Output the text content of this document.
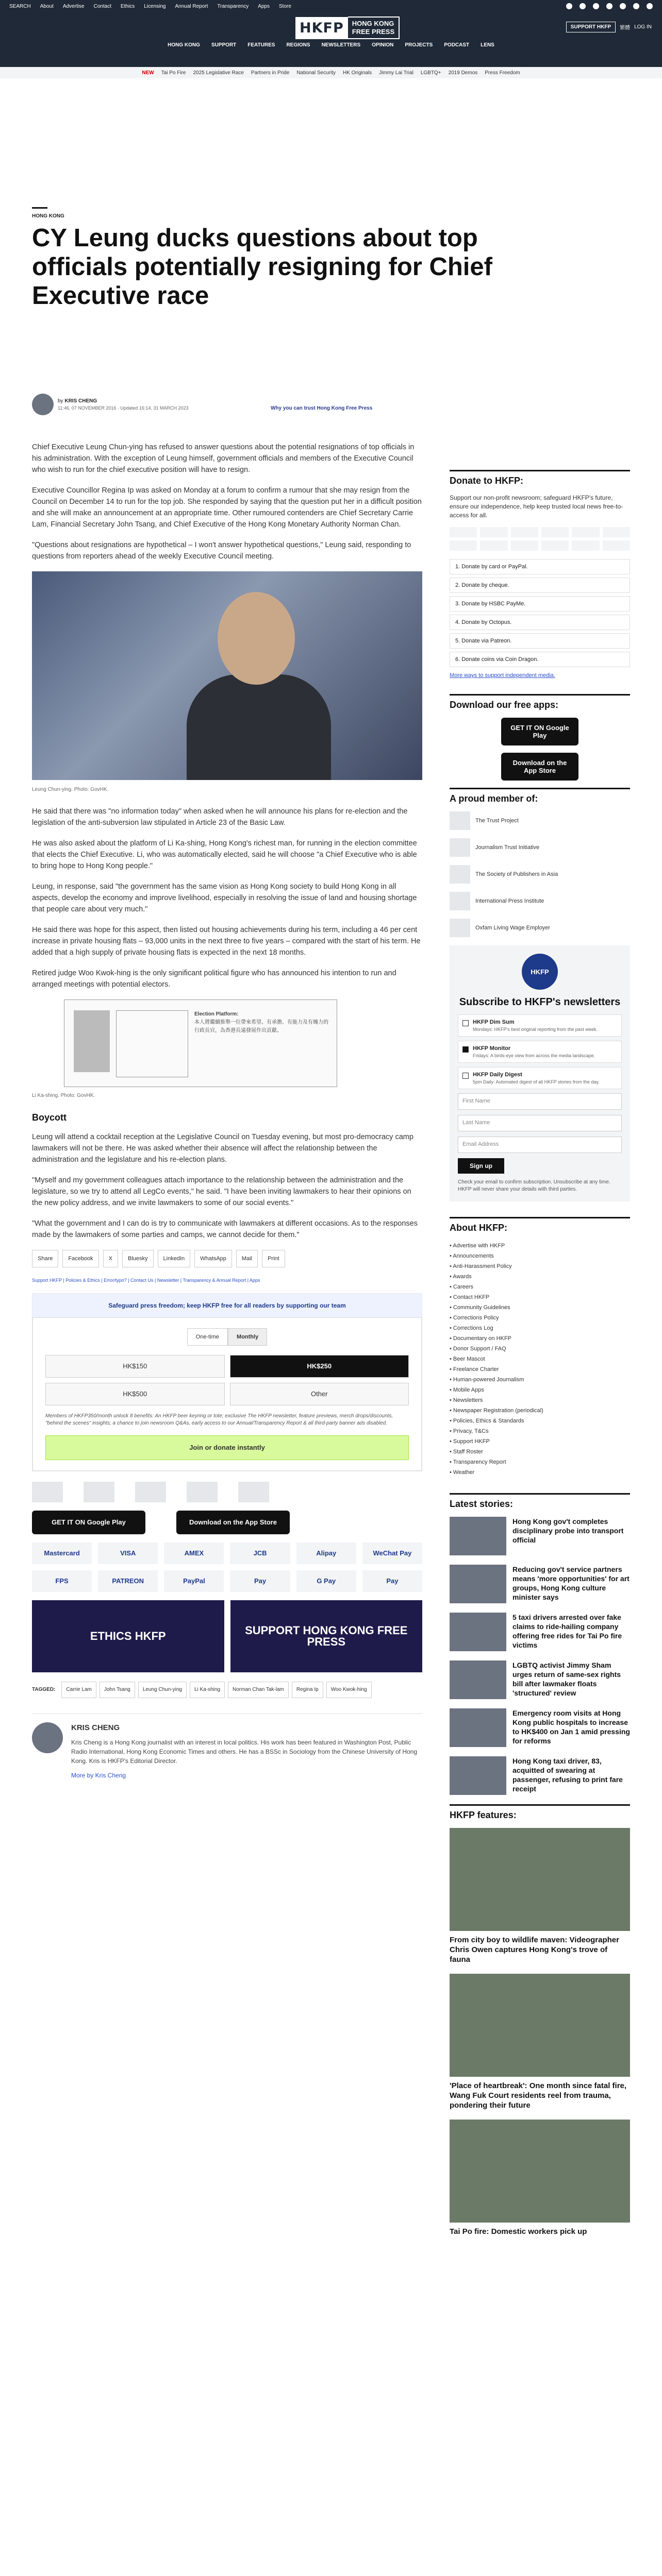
SEARCH About Advertise Contact Ethics Licensing Annual Report Transparency Apps Store
HKFP	HONG KONG
FREE PRESS
SUPPORT HKFP	繁體 LOG IN
HONG KONG SUPPORT FEATURES REGIONS NEWSLETTERS OPINION PROJECTS PODCAST LENS
NEW Tai Po Fire 2025 Legislative Race Partners in Pride National Security HK Originals Jimmy Lai Trial LGBTQ+ 2019 Demos Press Freedom
HONG KONG
CY Leung ducks questions about top officials potentially resigning for Chief Executive race
by KRIS CHENG
11:46, 07 NOVEMBER 2016 · Updated 16:14, 31 MARCH 2023	Why you can trust Hong Kong Free Press

Chief Executive Leung Chun-ying has refused to answer questions about the potential resignations of top officials in his administration. With the exception of Leung himself, government officials and members of the Executive Council who wish to run for the chief executive position will have to resign.

Executive Councillor Regina Ip was asked on Monday at a forum to confirm a rumour that she may resign from the Council on December 14 to run for the top job. She responded by saying that the question put her in a difficult position and she will make an announcement at an appropriate time. Other rumoured contenders are Chief Secretary Carrie Lam, Financial Secretary John Tsang, and Chief Executive of the Hong Kong Monetary Authority Norman Chan.

"Questions about resignations are hypothetical – I won't answer hypothetical questions," Leung said, responding to questions from reporters ahead of the weekly Executive Council meeting.

Leung Chun-ying. Photo: GovHK.

He said that there was "no information today" when asked when he will announce his plans for re-election and the legislation of the anti-subversion law stipulated in Article 23 of the Basic Law.

He was also asked about the platform of Li Ka-shing, Hong Kong's richest man, for running in the election committee that elects the Chief Executive. Li, who was automatically elected, said he will choose "a Chief Executive who is able to bring hope to Hong Kong people."

Leung, in response, said "the government has the same vision as Hong Kong society to build Hong Kong in all aspects, develop the economy and improve livelihood, especially in resolving the issue of land and housing shortage that people care about very much."

He said there was hope for this aspect, then listed out housing achievements during his term, including a 46 per cent increase in private housing flats – 93,000 units in the next three to five years – compared with the start of his term. He added that a high supply of private housing flats is expected in the next 18 months.

Retired judge Woo Kwok-hing is the only significant political figure who has announced his intention to run and arranged meetings with potential electors.

Election Platform:
本人將繼續推舉一位帶來希望、有承擔、有能力及有魄力的行政長官，為香港長遠發展作出貢獻。
Li Ka-shing. Photo: GovHK.
Boycott

Leung will attend a cocktail reception at the Legislative Council on Tuesday evening, but most pro-democracy camp lawmakers will not be there. He was asked whether their absence will affect the relationship between the administration and the legislature and his re-election plans.

"Myself and my government colleagues attach importance to the relationship between the administration and the legislature, so we try to attend all LegCo events," he said. "I have been inviting lawmakers to hear their opinions on the new policy address, and we invite lawmakers to some of our social events."

"What the government and I can do is try to communicate with lawmakers at different occasions. As to the responses made by the lawmakers of some parties and camps, we cannot decide for them."

Share	Facebook	X	Bluesky	LinkedIn	WhatsApp	Mail	Print
Support HKFP | Policies & Ethics | Error/typo? | Contact Us | Newsletter | Transparency & Annual Report | Apps
Safeguard press freedom; keep HKFP free for all readers by supporting our team
One-time	Monthly
HK$150	HK$250
HK$500	Other
Members of HKFP350/month unlock 8 benefits: An HKFP beer keyring or tote; exclusive The HKFP newsletter, feature previews, merch drops/discounts, "behind the scenes" insights; a chance to join newsroom Q&As, early access to our Annual/Transparency Report & all third-party banner ads disabled.
Join or donate instantly
GET IT ON Google Play	Download on the App Store
Mastercard	VISA	AMEX	JCB	Alipay	WeChat Pay
FPS	PATREON	PayPal	Pay	G Pay	Pay
ETHICS HKFP	SUPPORT HONG KONG FREE PRESS
TAGGED:	Carrie Lam	John Tsang	Leung Chun-ying	Li Ka-shing	Norman Chan Tak-lam	Regina Ip	Woo Kwok-hing
KRIS CHENG
Kris Cheng is a Hong Kong journalist with an interest in local politics. His work has been featured in Washington Post, Public Radio International, Hong Kong Economic Times and others. He has a BSSc in Sociology from the Chinese University of Hong Kong. Kris is HKFP's Editorial Director.
More by Kris Cheng
Donate to HKFP:
Support our non-profit newsroom; safeguard HKFP's future, ensure our independence, help keep trusted local news free-to-access for all.
1. Donate by card or PayPal.
2. Donate by cheque.
3. Donate by HSBC PayMe.
4. Donate by Octopus.
5. Donate via Patreon.
6. Donate coins via Coin Dragon.
More ways to support independent media.
Download our free apps:
GET IT ON Google Play
Download on the App Store
A proud member of:
The Trust Project
Journalism Trust Initiative
The Society of Publishers in Asia
International Press Institute
Oxfam Living Wage Employer
HKFP
Subscribe to HKFP's newsletters
HKFP Dim Sum
Mondays: HKFP's best original reporting from the past week.
HKFP Monitor
Fridays: A birds-eye view from across the media landscape.
HKFP Daily Digest
5pm Daily: Automated digest of all HKFP stories from the day.
First Name
Last Name
Email Address
Sign up
Check your email to confirm subscription. Unsubscribe at any time. HKFP will never share your details with third parties.
About HKFP:
• Advertise with HKFP
• Announcements
• Anti-Harassment Policy
• Awards
• Careers
• Contact HKFP
• Community Guidelines
• Corrections Policy
• Corrections Log
• Documentary on HKFP
• Donor Support / FAQ
• Beer Mascot
• Freelance Charter
• Human-powered Journalism
• Mobile Apps
• Newsletters
• Newspaper Registration (periodical)
• Policies, Ethics & Standards
• Privacy, T&Cs
• Support HKFP
• Staff Roster
• Transparency Report
• Weather
Latest stories:
Hong Kong gov't completes disciplinary probe into transport official
Reducing gov't service partners means 'more opportunities' for art groups, Hong Kong culture minister says
5 taxi drivers arrested over fake claims to ride-hailing company offering free rides for Tai Po fire victims
LGBTQ activist Jimmy Sham urges return of same-sex rights bill after lawmaker floats 'structured' review
Emergency room visits at Hong Kong public hospitals to increase to HK$400 on Jan 1 amid pressing for reforms
Hong Kong taxi driver, 83, acquitted of swearing at passenger, refusing to print fare receipt
HKFP features:
From city boy to wildlife maven: Videographer Chris Owen captures Hong Kong's trove of fauna
'Place of heartbreak': One month since fatal fire, Wang Fuk Court residents reel from trauma, pondering their future
Tai Po fire: Domestic workers pick up
